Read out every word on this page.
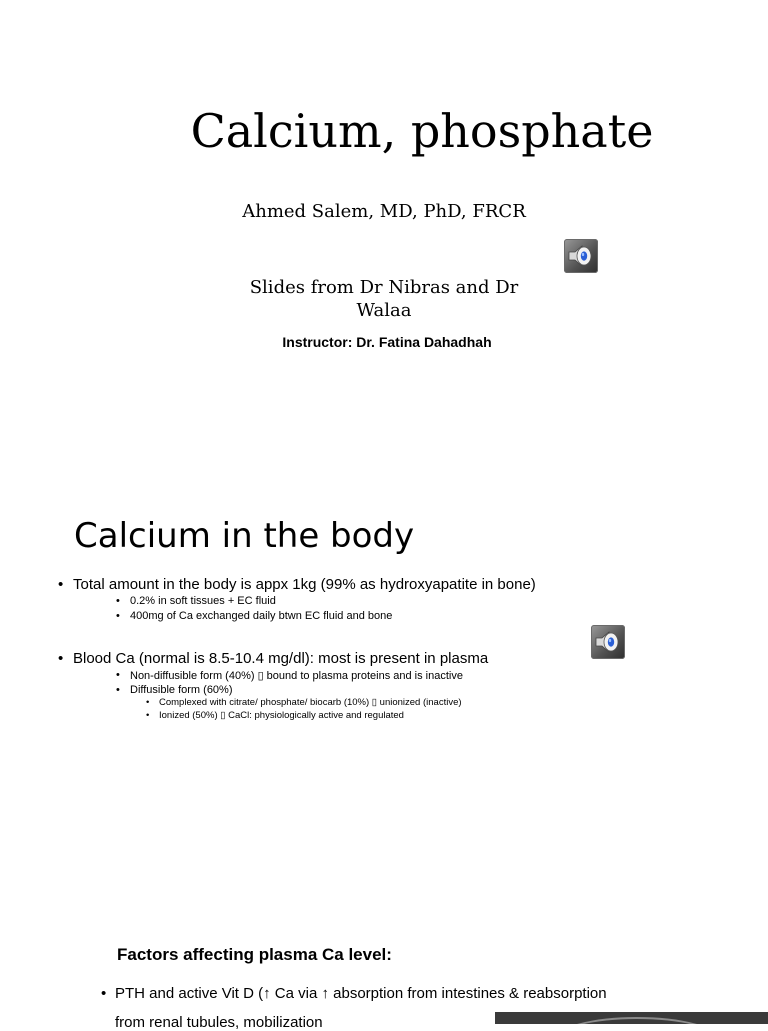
Calcium, phosphate
Ahmed Salem, MD, PhD, FRCR
Slides from Dr Nibras and Dr Walaa
Instructor: Dr. Fatina Dahadhah
Calcium in the body
• Total amount in the body is appx 1kg (99% as hydroxyapatite in bone)
• 0.2% in soft tissues + EC fluid
• 400mg of Ca exchanged daily btwn EC fluid and bone
• Blood Ca (normal is 8.5-10.4 mg/dl): most is present in plasma
• Non-diffusible form (40%) ▯ bound to plasma proteins and is inactive
• Diffusible form (60%)
• Complexed with citrate/ phosphate/ biocarb (10%) ▯ unionized (inactive)
• Ionized (50%) ▯ CaCl: physiologically active and regulated
Factors affecting plasma Ca level:
• PTH and active Vit D (↑ Ca via ↑ absorption from intestines & reabsorption
from renal tubules, mobilization
